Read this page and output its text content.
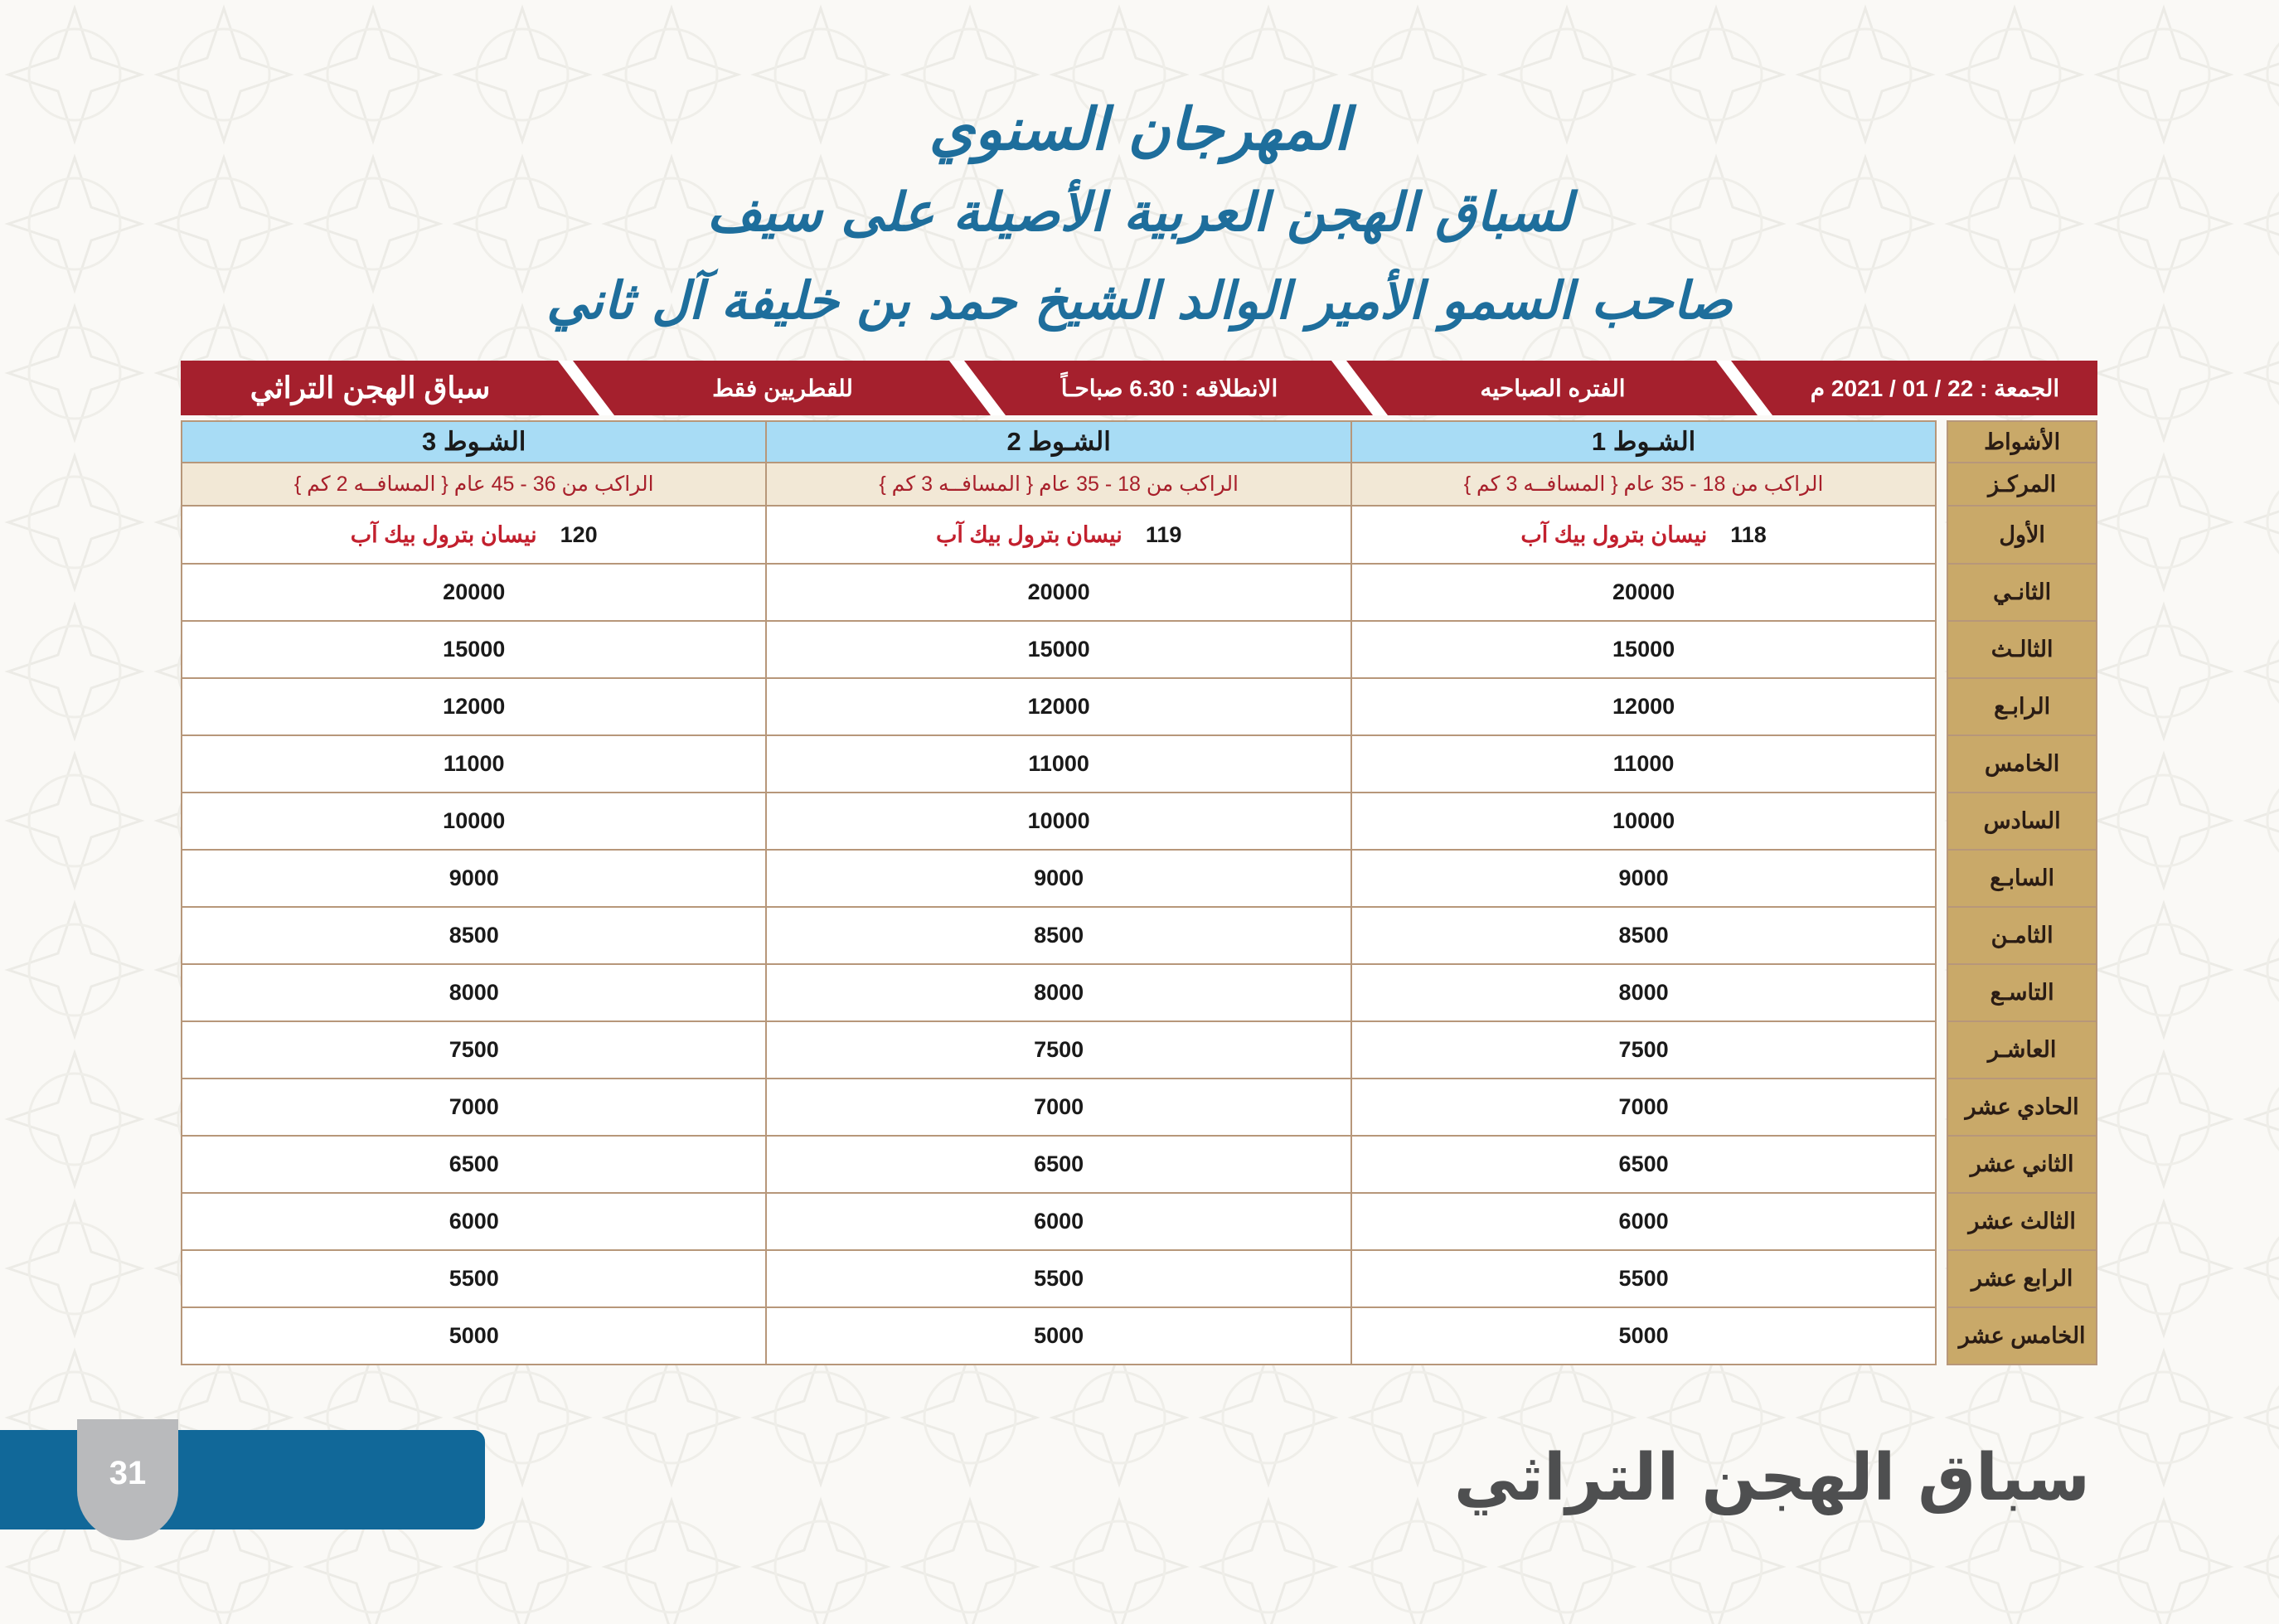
المهرجان السنوي
لسباق الهجن العربية الأصيلة على سيف
صاحب السمو الأمير الوالد الشيخ حمد بن خليفة آل ثاني
الجمعة : 22 / 01 / 2021 م
الفتره الصباحيه
الانطلاقه : 6.30 صباحـاً
للقطريين فقط
سباق الهجن التراثي
الأشواط		الشـوط 1	الشـوط 2	الشـوط 3
المركـز		الراكب من 18 - 35 عام { المسافــه 3 كم }	الراكب من 18 - 35 عام { المسافــه 3 كم }	الراكب من 36 - 45 عام { المسافــه 2 كم }
الأول		118نيسان بترول بيك آب	119نيسان بترول بيك آب	120نيسان بترول بيك آب
الثانـي		20000	20000	20000
الثالـث		15000	15000	15000
الرابـع		12000	12000	12000
الخامس		11000	11000	11000
السادس		10000	10000	10000
السابـع		9000	9000	9000
الثامـن		8500	8500	8500
التاسـع		8000	8000	8000
العاشـر		7500	7500	7500
الحادي عشر		7000	7000	7000
الثاني عشر		6500	6500	6500
الثالث عشر		6000	6000	6000
الرابع عشر		5500	5500	5500
الخامس عشر		5000	5000	5000
31	سباق الهجن التراثي
